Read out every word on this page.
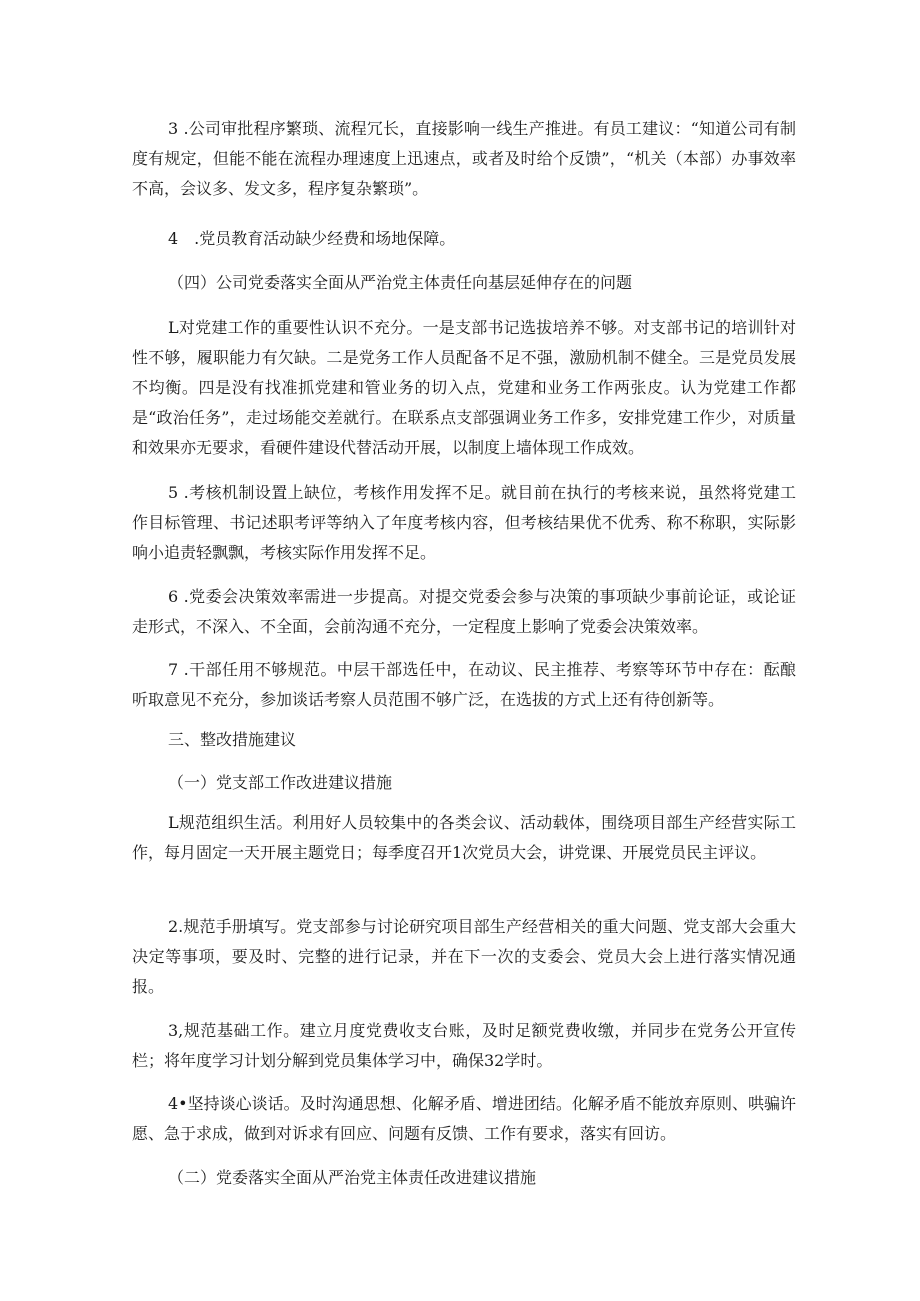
3 .公司审批程序繁琐、流程冗长，直接影响一线生产推进。有员工建议：“知道公司有制度有规定，但能不能在流程办理速度上迅速点，或者及时给个反馈”，“机关（本部）办事效率不高，会议多、发文多，程序复杂繁琐”。

4　.党员教育活动缺少经费和场地保障。

（四）公司党委落实全面从严治党主体责任向基层延伸存在的问题

L对党建工作的重要性认识不充分。一是支部书记选拔培养不够。对支部书记的培训针对性不够，履职能力有欠缺。二是党务工作人员配备不足不强，激励机制不健全。三是党员发展不均衡。四是没有找准抓党建和管业务的切入点，党建和业务工作两张皮。认为党建工作都是“政治任务”，走过场能交差就行。在联系点支部强调业务工作多，安排党建工作少，对质量和效果亦无要求，看硬件建设代替活动开展，以制度上墙体现工作成效。

5 .考核机制设置上缺位，考核作用发挥不足。就目前在执行的考核来说，虽然将党建工作目标管理、书记述职考评等纳入了年度考核内容，但考核结果优不优秀、称不称职，实际影响小追责轻飘飘，考核实际作用发挥不足。

6 .党委会决策效率需进一步提高。对提交党委会参与决策的事项缺少事前论证，或论证走形式，不深入、不全面，会前沟通不充分，一定程度上影响了党委会决策效率。

7 .干部任用不够规范。中层干部选任中，在动议、民主推荐、考察等环节中存在：酝酿听取意见不充分，参加谈话考察人员范围不够广泛，在选拔的方式上还有待创新等。

三、整改措施建议

（一）党支部工作改进建议措施

L规范组织生活。利用好人员较集中的各类会议、活动载体，围绕项目部生产经营实际工作，每月固定一天开展主题党日；每季度召开1次党员大会，讲党课、开展党员民主评议。

2.规范手册填写。党支部参与讨论研究项目部生产经营相关的重大问题、党支部大会重大决定等事项，要及时、完整的进行记录，并在下一次的支委会、党员大会上进行落实情况通报。

3,规范基础工作。建立月度党费收支台账，及时足额党费收缴，并同步在党务公开宣传栏；将年度学习计划分解到党员集体学习中，确保32学时。

4•坚持谈心谈话。及时沟通思想、化解矛盾、增进团结。化解矛盾不能放弃原则、哄骗许愿、急于求成，做到对诉求有回应、问题有反馈、工作有要求，落实有回访。

（二）党委落实全面从严治党主体责任改进建议措施
